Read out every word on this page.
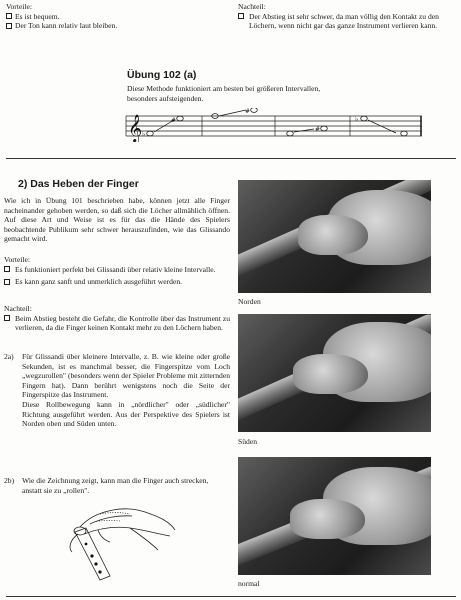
Vorteile:
Es ist bequem.
Der Ton kann relativ laut bleiben.
Nachteil:
Der Abstieg ist sehr schwer, da man völlig den Kontakt zu den Löchern, wenn nicht gar das ganze Instrument verlieren kann.
Übung 102 (a)
Diese Methode funktioniert am besten bei größeren Intervallen, besonders aufsteigenden.
𝄞 ♭
#
#
#
♭
2) Das Heben der Finger
Wie ich in Übung 101 beschrieben habe, können jetzt alle Finger nacheinander gehoben werden, so daß sich die Löcher allmählich öffnen. Auf diese Art und Weise ist es für das die Hände des Spielers beobachtende Publikum sehr schwer herauszufinden, wie das Glissando gemacht wird.
Vorteile:
Es funktioniert perfekt bei Glissandi über relativ kleine Intervalle.
Es kann ganz sanft und unmerklich ausgeführt werden.
Nachteil:
Beim Abstieg besteht die Gefahr, die Kontrolle über das Instrument zu verlieren, da die Finger keinen Kontakt mehr zu den Löchern haben.
2a)	Für Glissandi über kleinere Intervalle, z. B. wie kleine oder große Sekunden, ist es manchmal besser, die Fingerspitze vom Loch „wegzurollen" (besonders wenn der Spieler Probleme mit zitternden Fingern hat). Dann berührt wenigstens noch die Seite der Fingerspitze das Instrument.

Diese Rollbewegung kann in „nördlicher" oder „südlicher" Richtung ausgeführt werden. Aus der Perspektive des Spielers ist Norden oben und Süden unten.

2b)	Wie die Zeichnung zeigt, kann man die Finger auch strecken, anstatt sie zu „rollen".
Norden
Süden
normal
